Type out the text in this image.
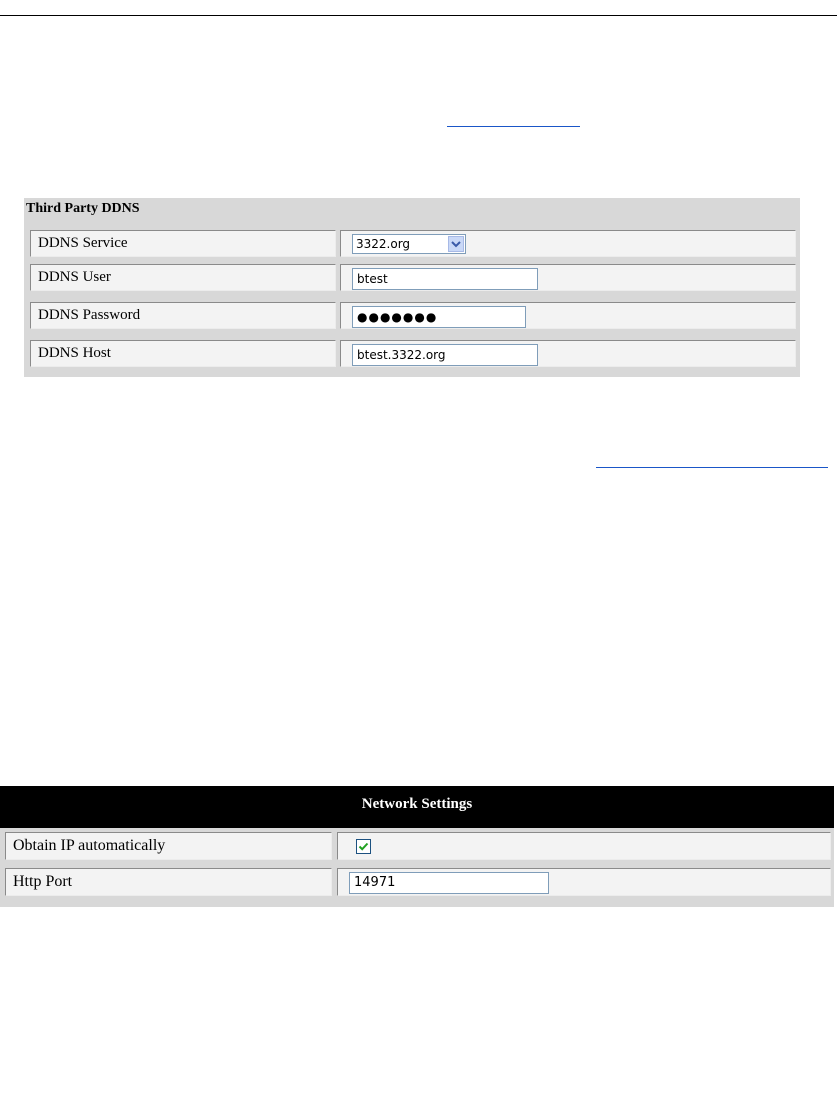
Third Party DDNS
DDNS Service	3322.org
DDNS User	btest
DDNS Password	●●●●●●●
DDNS Host	btest.3322.org
Network Settings
Obtain IP automatically
Http Port	14971
